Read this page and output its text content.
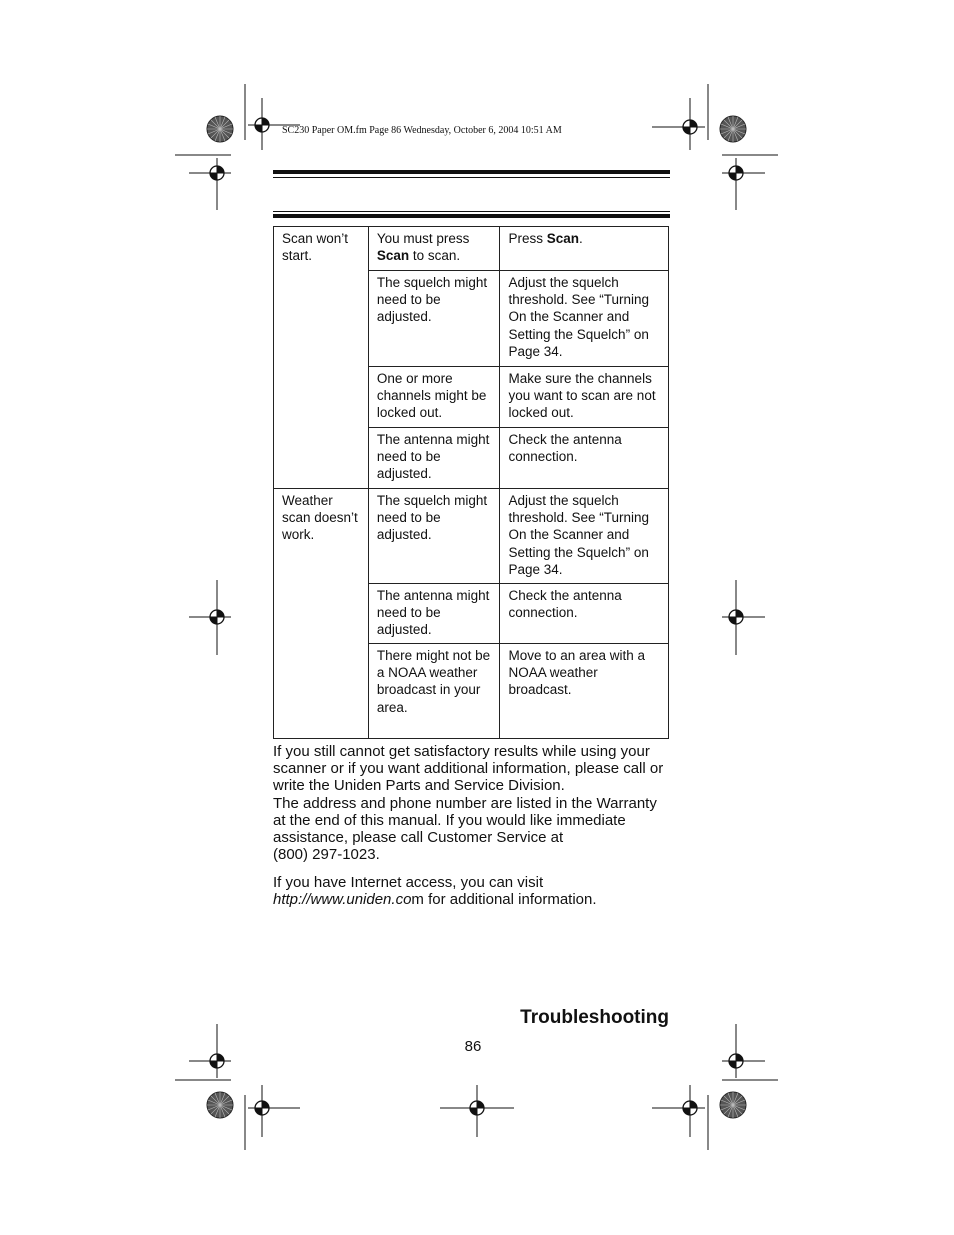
SC230 Paper OM.fm Page 86 Wednesday, October 6, 2004 10:51 AM
Scan won’t start.	You must press Scan to scan.	Press Scan.
	The squelch might need to be adjusted.	Adjust the squelch threshold. See “Turning On the Scanner and Setting the Squelch” on Page 34.
	One or more channels might be locked out.	Make sure the channels you want to scan are not locked out.
	The antenna might need to be adjusted.	Check the antenna connection.
Weather scan doesn’t work.	The squelch might need to be adjusted.	Adjust the squelch threshold. See “Turning On the Scanner and Setting the Squelch” on Page 34.
	The antenna might need to be adjusted.	Check the antenna connection.
	There might not be a NOAA weather broadcast in your area.	Move to an area with a NOAA weather broadcast.
If you still cannot get satisfactory results while using your scanner or if you want additional information, please call or write the Uniden Parts and Service Division.
The address and phone number are listed in the Warranty at the end of this manual. If you would like immediate assistance, please call Customer Service at
(800) 297-1023.
If you have Internet access, you can visit
http://www.uniden.com for additional information.
Troubleshooting
86
